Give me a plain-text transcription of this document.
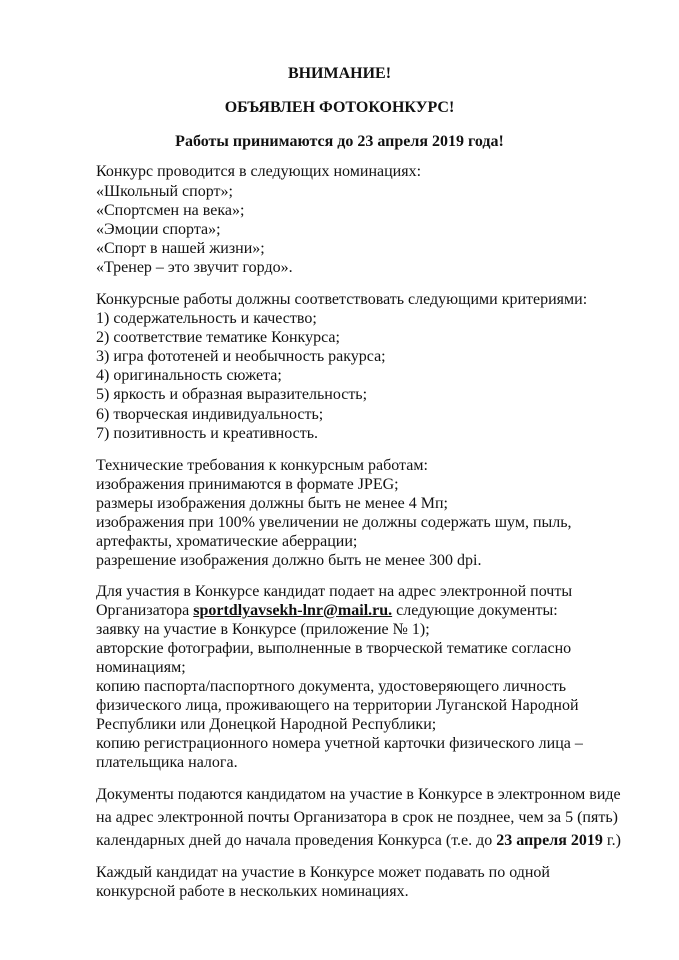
ВНИМАНИЕ!

ОБЪЯВЛЕН ФОТОКОНКУРС!

Работы принимаются до 23 апреля 2019 года!

Конкурс проводится в следующих номинациях:

«Школьный спорт»;

«Спортсмен на века»;

«Эмоции спорта»;

«Спорт в нашей жизни»;

«Тренер – это звучит гордо».

Конкурсные работы должны соответствовать следующими критериями:

1) содержательность и качество;

2) соответствие тематике Конкурса;

3) игра фототеней и необычность ракурса;

4) оригинальность сюжета;

5) яркость и образная выразительность;

6) творческая индивидуальность;

7) позитивность и креативность.

Технические требования к конкурсным работам:

изображения принимаются в формате JPEG;

размеры изображения должны быть не менее 4 Мп;

изображения при 100% увеличении не должны содержать шум, пыль,

артефакты, хроматические аберрации;

разрешение изображения должно быть не менее 300 dpi.

Для участия в Конкурсе кандидат подает на адрес электронной почты

Организатора sportdlyavsekh-lnr@mail.ru. следующие документы:

заявку на участие в Конкурсе (приложение № 1);

авторские фотографии, выполненные в творческой тематике согласно

номинациям;

копию паспорта/паспортного документа, удостоверяющего личность

физического лица, проживающего на территории Луганской Народной

Республики или Донецкой Народной Республики;

копию регистрационного номера учетной карточки физического лица –

плательщика налога.

Документы подаются кандидатом на участие в Конкурсе в электронном виде

на адрес электронной почты Организатора в срок не позднее, чем за 5 (пять)

календарных дней до начала проведения Конкурса (т.е. до 23 апреля 2019 г.)

Каждый кандидат на участие в Конкурсе может подавать по одной

конкурсной работе в нескольких номинациях.
